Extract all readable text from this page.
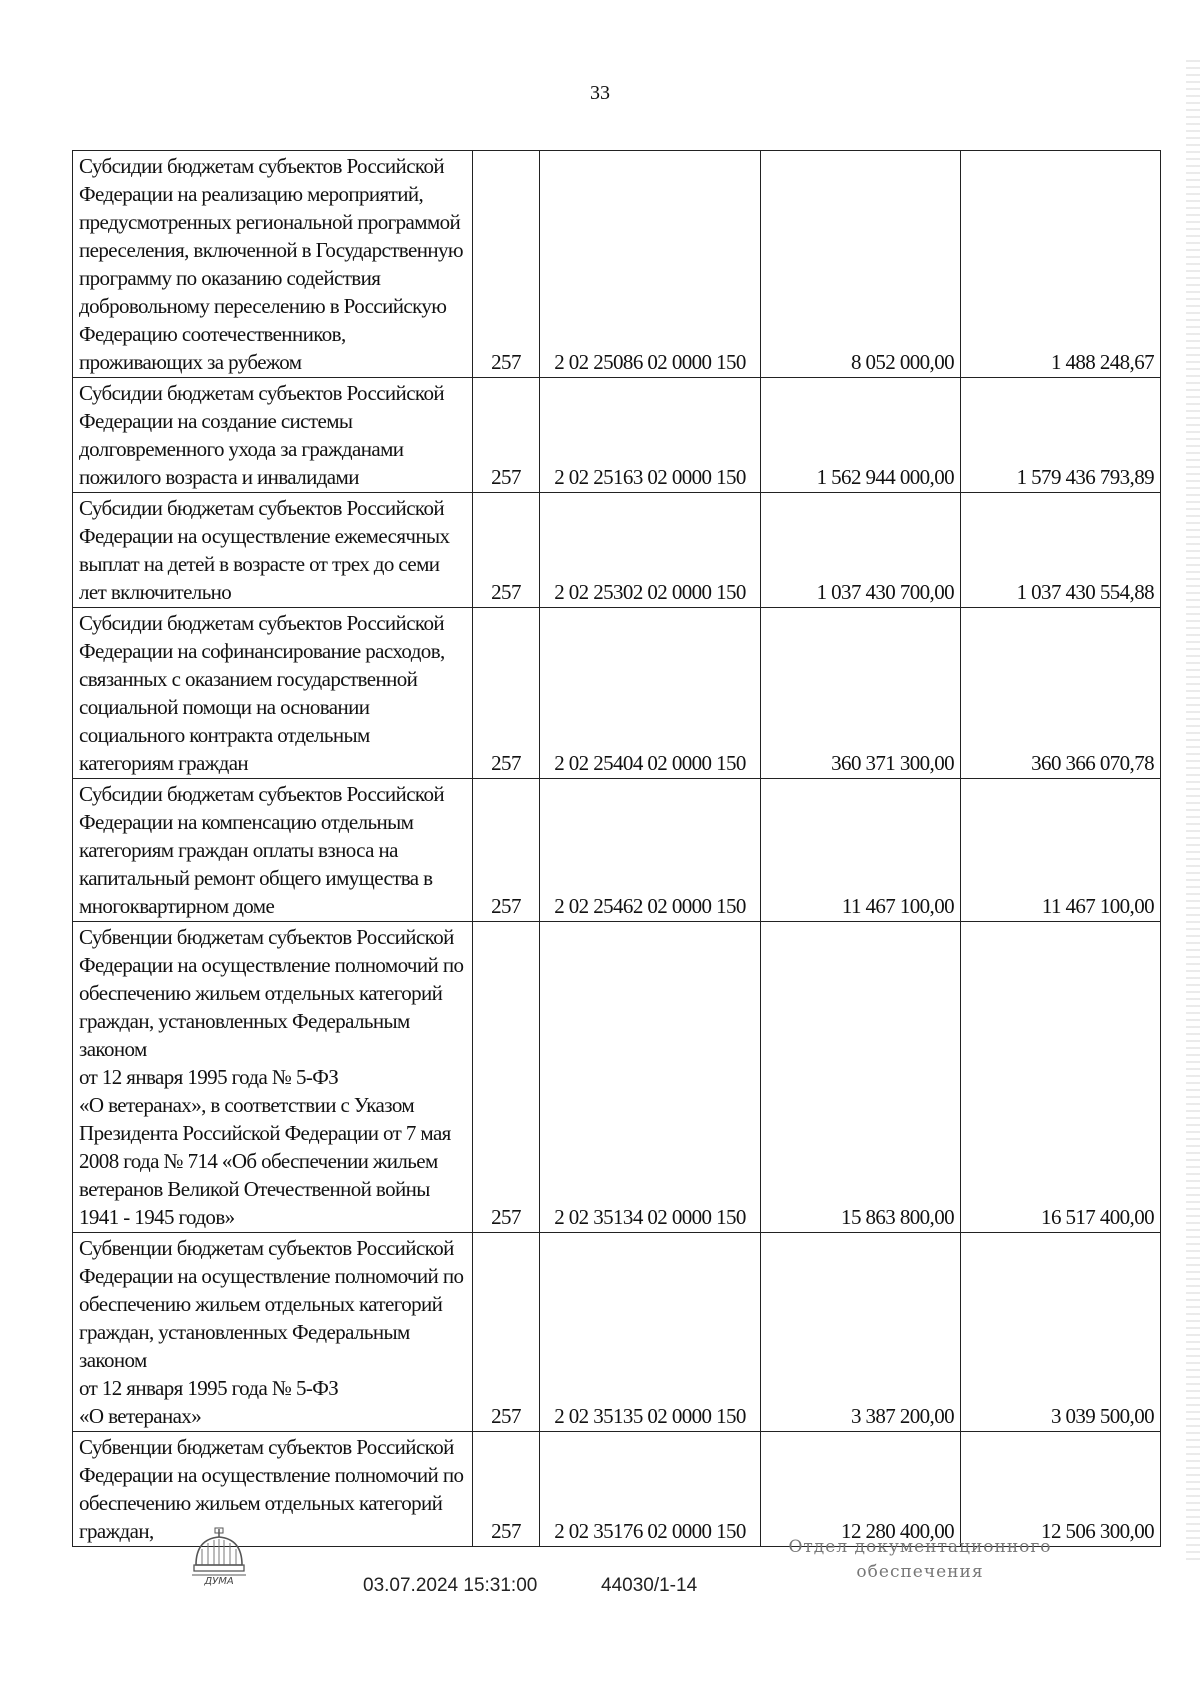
33
Субсидии бюджетам субъектов Российской Федерации на реализацию мероприятий, предусмотренных региональной программой переселения, включенной в Государственную программу по оказанию содействия добровольному переселению в Российскую Федерацию соотечественников, проживающих за рубежом	257	2 02 25086 02 0000 150	8 052 000,00	1 488 248,67
Субсидии бюджетам субъектов Российской Федерации на создание системы долговременного ухода за гражданами пожилого возраста и инвалидами	257	2 02 25163 02 0000 150	1 562 944 000,00	1 579 436 793,89
Субсидии бюджетам субъектов Российской Федерации на осуществление ежемесячных выплат на детей в возрасте от трех до семи лет включительно	257	2 02 25302 02 0000 150	1 037 430 700,00	1 037 430 554,88
Субсидии бюджетам субъектов Российской Федерации на софинансирование расходов, связанных с оказанием государственной социальной помощи на основании социального контракта отдельным категориям граждан	257	2 02 25404 02 0000 150	360 371 300,00	360 366 070,78
Субсидии бюджетам субъектов Российской Федерации на компенсацию отдельным категориям граждан оплаты взноса на капитальный ремонт общего имущества в многоквартирном доме	257	2 02 25462 02 0000 150	11 467 100,00	11 467 100,00
Субвенции бюджетам субъектов Российской Федерации на осуществление полномочий по обеспечению жильем отдельных категорий граждан, установленных Федеральным законом
от 12 января 1995 года № 5-ФЗ
«О ветеранах», в соответствии с Указом Президента Российской Федерации от 7 мая 2008 года № 714 «Об обеспечении жильем ветеранов Великой Отечественной войны 1941 - 1945 годов»	257	2 02 35134 02 0000 150	15 863 800,00	16 517 400,00
Субвенции бюджетам субъектов Российской Федерации на осуществление полномочий по обеспечению жильем отдельных категорий граждан, установленных Федеральным законом
от 12 января 1995 года № 5-ФЗ
«О ветеранах»	257	2 02 35135 02 0000 150	3 387 200,00	3 039 500,00
Субвенции бюджетам субъектов Российской Федерации на осуществление полномочий по обеспечению жильем отдельных категорий граждан,	257	2 02 35176 02 0000 150	12 280 400,00	12 506 300,00
ДУМА	03.07.2024 15:31:00	44030/1-14
Отдел документационного обеспечения
